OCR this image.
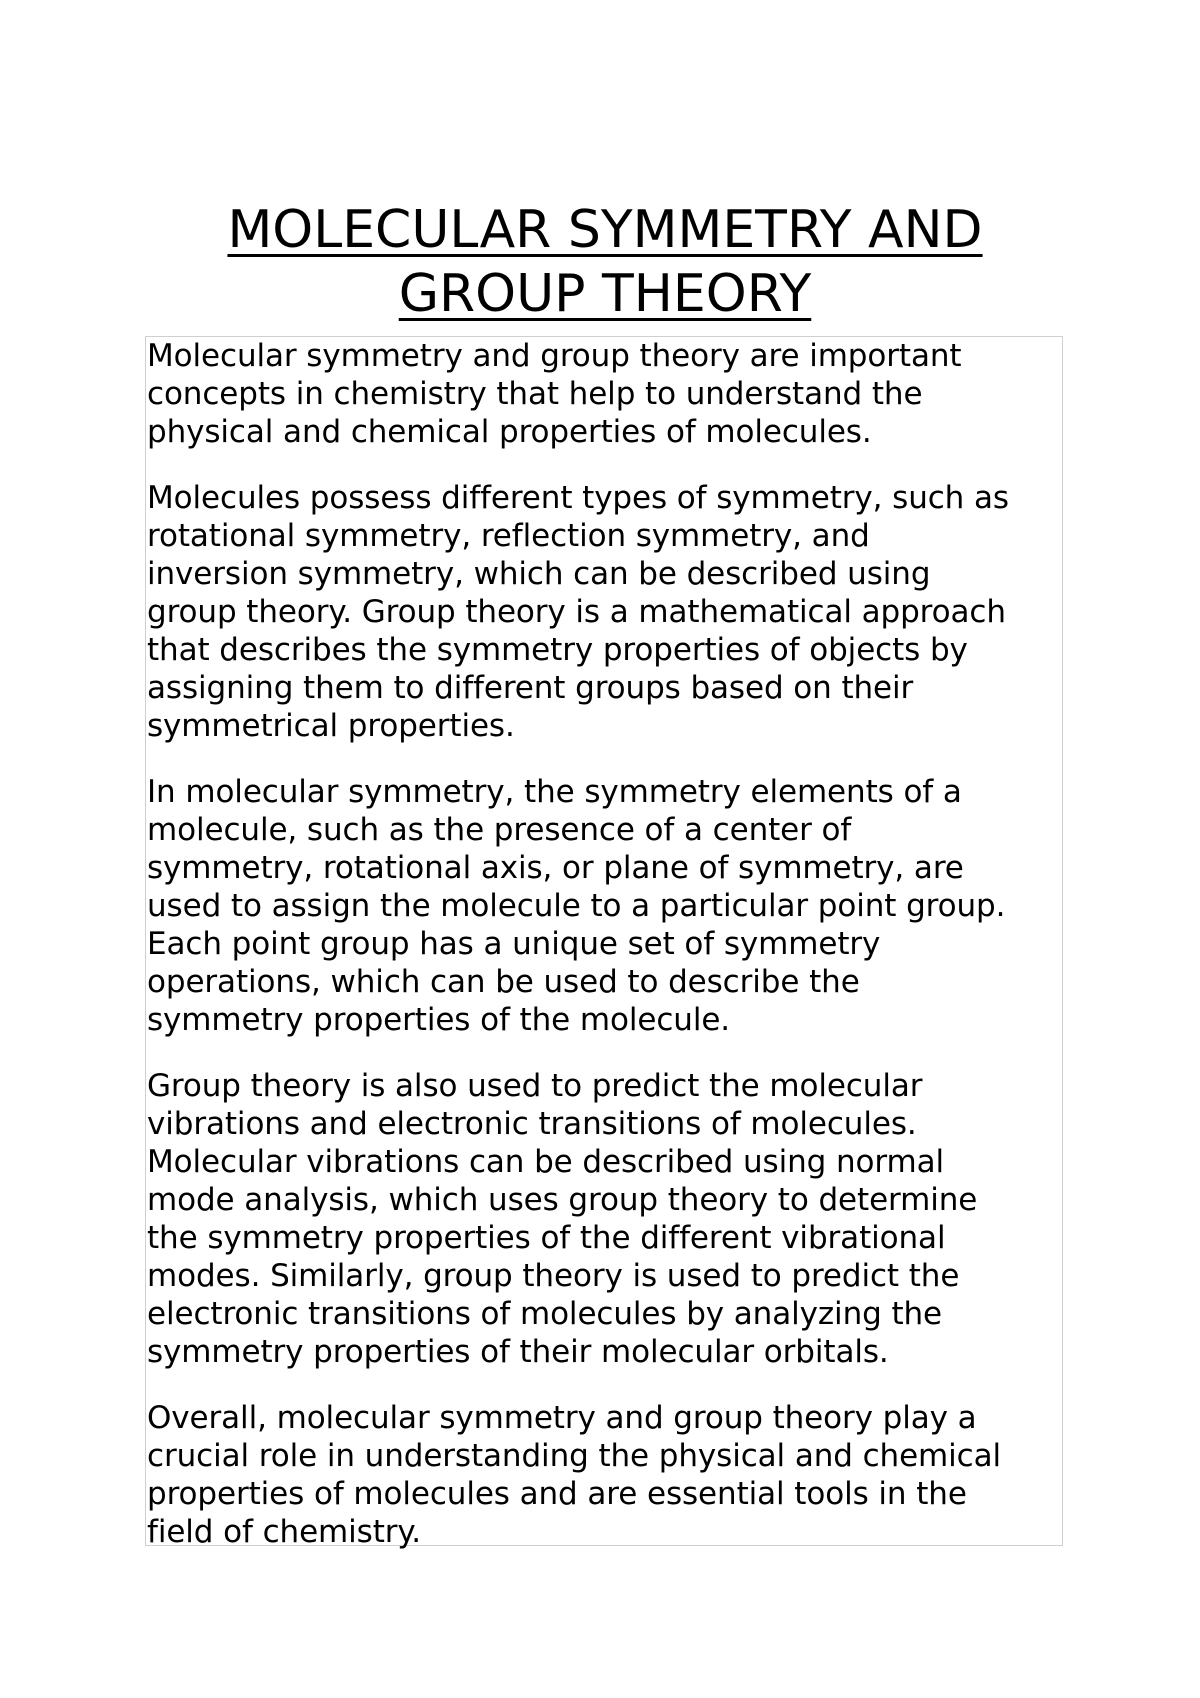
MOLECULAR SYMMETRY AND
GROUP THEORY

Molecular symmetry and group theory are important
concepts in chemistry that help to understand the
physical and chemical properties of molecules.

Molecules possess different types of symmetry, such as
rotational symmetry, reflection symmetry, and
inversion symmetry, which can be described using
group theory. Group theory is a mathematical approach
that describes the symmetry properties of objects by
assigning them to different groups based on their
symmetrical properties.

In molecular symmetry, the symmetry elements of a
molecule, such as the presence of a center of
symmetry, rotational axis, or plane of symmetry, are
used to assign the molecule to a particular point group.
Each point group has a unique set of symmetry
operations, which can be used to describe the
symmetry properties of the molecule.

Group theory is also used to predict the molecular
vibrations and electronic transitions of molecules.
Molecular vibrations can be described using normal
mode analysis, which uses group theory to determine
the symmetry properties of the different vibrational
modes. Similarly, group theory is used to predict the
electronic transitions of molecules by analyzing the
symmetry properties of their molecular orbitals.

Overall, molecular symmetry and group theory play a
crucial role in understanding the physical and chemical
properties of molecules and are essential tools in the
field of chemistry.
